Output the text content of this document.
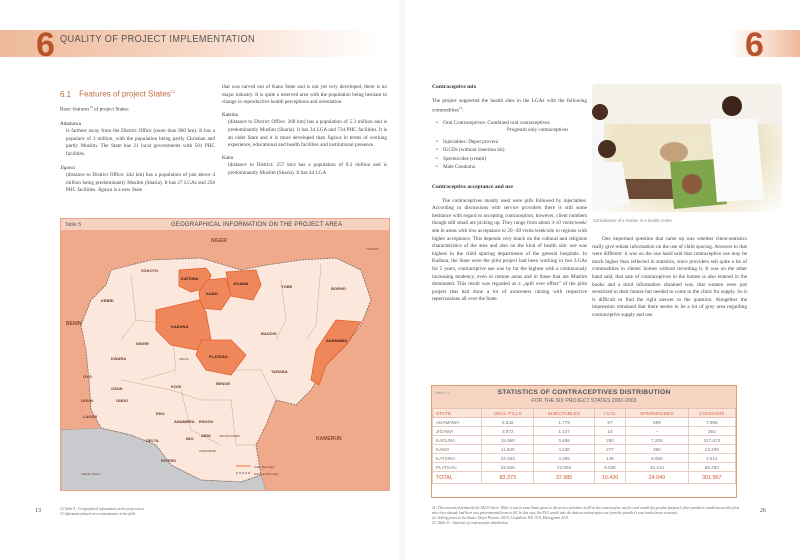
6 QUALITY OF PROJECT IMPLEMENTATION	6
6.1 Features of project States$^{12}$

Basic features$^{13}$ of project States:

Adamawa
is farthest away from the District Office (more than 900 km). It has a populace of 3 million, with the population being partly Christian and partly Muslim. The State has 21 local governments with 501 PHC facilities.

Jigawa
(distance to District Office: 442 km) has a population of just above 4 million being predominantly Muslim (Sharia). It has 27 LGAs and 258 PHC facilities. Jigawa is a new State

that was carved out of Kano State and is not yet very developed, there is no major industry. It is quite a reserved area with the population being hesitant to change in reproductive health perceptions and orientation.

Katsina
(distance to District Office: 268 km) has a population of 5.3 million and is predominantly Muslim (Sharia). It has 34 LGA and 734 PHC facilities. It is an older State and it is more developed than Jigawa in terms of working experience, educational and health facilities and institutional presence.

Kano
(distance to District: 257 km) has a population of 8.2 million and is predominantly Muslim (Sharia). It has 44 LGA

Table 5	GEOGRAPHICAL INFORMATION ON THE PROJECT AREA
NIGER
BENIN
KAMERUN
TSCHAD
Atlantic Ocean
KATSINA
KANO
JIGAWA
KADUNA
PLATEAU
ADAMAWA
SOKOTO
KEBBI
NIGER
YOBE	BORNO
BAUCHI
TARABA
KWARA
OYO
OSUN
OGUN	ONDO
LAGOS
EDO
DELTA
ANAMBRA ENUGU
IMO
ABIA	CROSS RIVER
AKWA IBOM
RIVERS
BENUE
KOGI
ABUJA
State Boundary
National Boundary
13	12 Table 5 : Geographical information on the project area
13 Information based on reconnaissance in the field
Contraceptive mix

The project supported the health sites in the LGAs with the following commodities$^{21}$:

• Oral Contraceptives: Combined oral contraceptives
Progestin only contraceptives
• Injectables: Depot provera
• IUCDs (without insertion kit)
• Spermicides (cream)
• Male Condoms.
Contraceptive acceptance and use

The contraceptives mostly used were pills followed by injectables. According to discussions with service providers there is still some hesitance with regard to accepting contraception, however, client numbers though still small are picking up. They range from about 3-10 visits/week/ site in areas with low acceptance to 20 -30 visits/week/site in regions with higher acceptance. This depends very much on the cultural and religious characteristics of the area and also on the kind of health site: use was highest in the child spacing departments of the general hospitals. In Kaduna, the State were the pilot project had been working in two LGAs for 5 years, contraceptive use was by far the highest with a continuously increasing tendency, even in remote areas and in those that are Muslim dominated. This result was regarded as a „spill over effect" of the pilot project that had done a lot of awareness raising with respective repercussions all over the State.

Consultation of a mother in a health center

One important question that came up was whether client-statistics really give reliant information on the use of child spacing. Answers to that were different: it was on the one hand said that contraceptive use may be much higher than reflected in statistics, since providers sell quite a lot of commodities in clients' homes without recording it. It was on the other hand said, that sale of contraceptives in the homes is also entered in the books and a third information obtained was, that women were just sensitized in their homes but needed to come to the clinic for supply. So it is difficult to find the right answer to the question. Altogether the impression remained that there seems to be a lot of grey area regarding contraceptive supply and use.

Table 11	STATISTICS OF CONTRACEPTIVES DISTRIBUTION
FOR THE SIX PROJECT STATES 2002-2003
STATE	ORAL PILLS	INJECTABLES	I.U.D.	SPERMICIDES	CONDOMS
ADAMAWA	6.642	1.779	97	599	7.906
JIGAWA	3.872	1.147	15	–	393
KADUNA	15.960	3.498	260	7.206	217.672
KANO	11.500	4.230	277	260	13.200
KATSINA	22.453	4.265	145	5.556	4.514
PLATEAU	22.946	22.993	9.636	10.414	58.282
TOTAL	83.373	37.985	10.430	24.049	301.967
21: This concerned primarily the TALLY sheet. While it was in some States given to the service providers to fill in the contraceptive use for each month (its genuine purpose), other providers would not use this form since they already had their own governmental forms to fill. In this case, the PLO would take the data on contraceptive use from the provider's own books (more accurate).
22: Selling prices to the States: Depot Provera 100 N, Confidence Pill 10 N, Microgynon 20 N.
23: Table 11 - Statistics of contraceptive distribution
26
